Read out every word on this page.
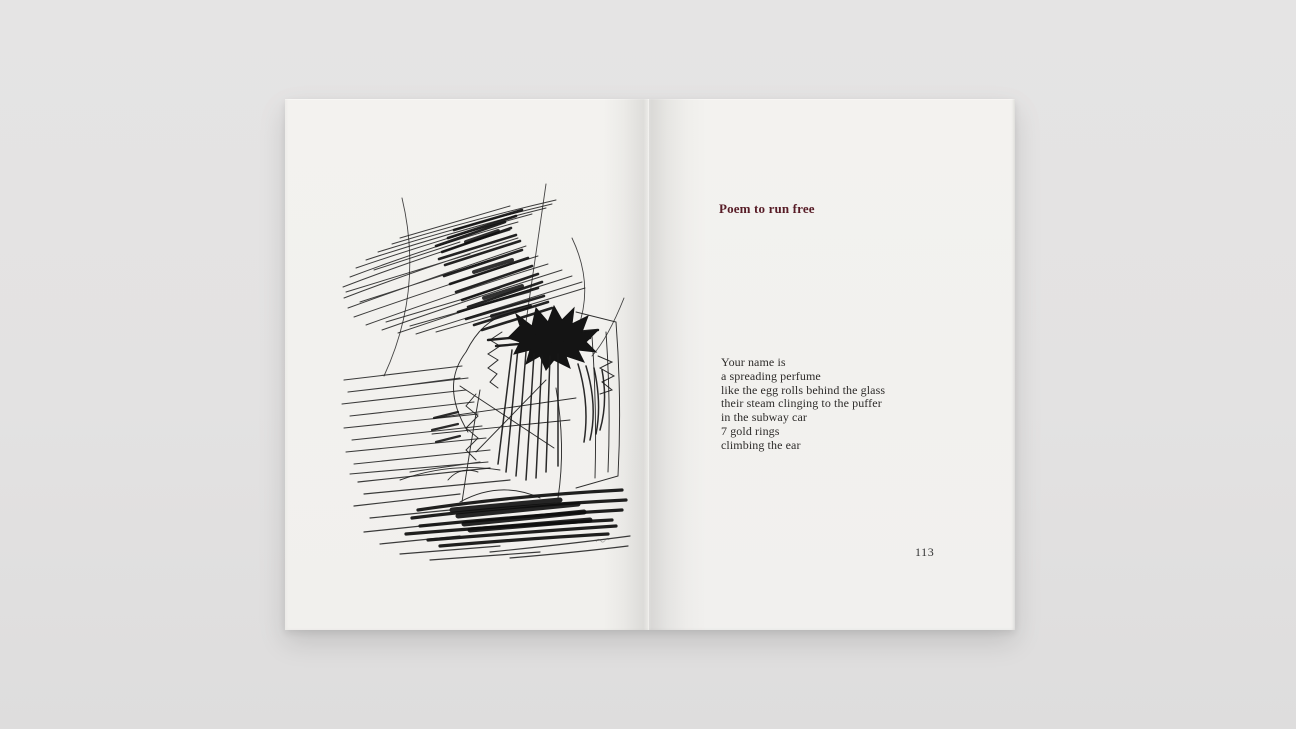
Poem to run free
Your name is
a spreading perfume
like the egg rolls behind the glass
their steam clinging to the puffer
in the subway car
7 gold rings
climbing the ear
113
